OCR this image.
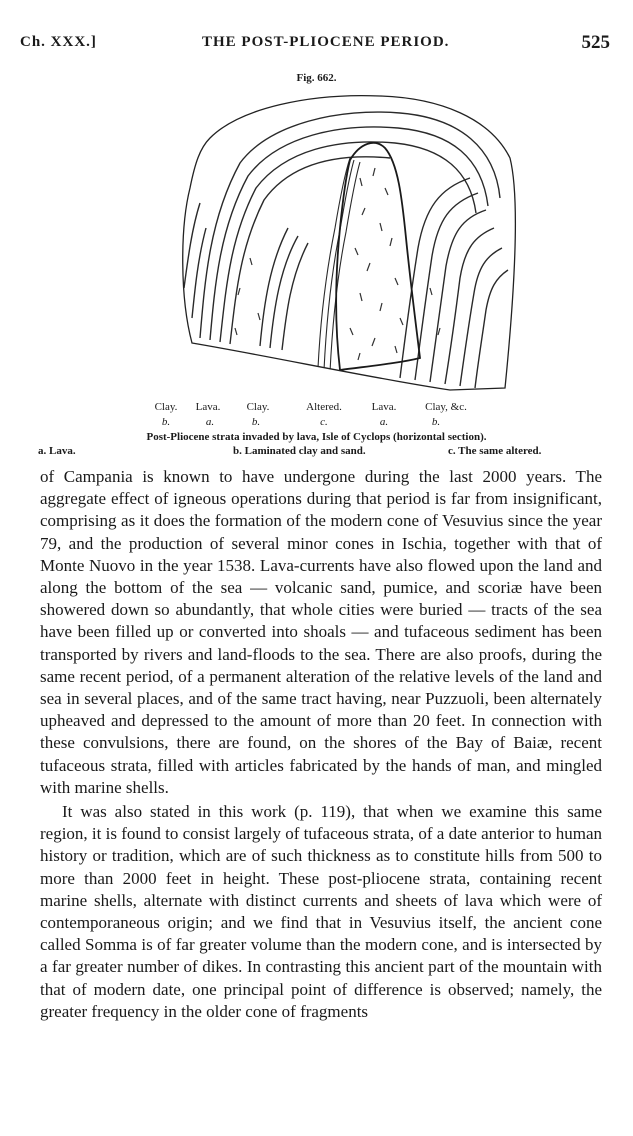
Ch. XXX.]	THE POST-PLIOCENE PERIOD.	525
Fig. 662.
Clay. Lava. Clay.	Altered.	Lava.	Clay, &c.
b.	a.	b.	c.	a.	b.
Post-Pliocene strata invaded by lava, Isle of Cyclops (horizontal section).
a. Lava.	b. Laminated clay and sand.	c. The same altered.

of Campania is known to have undergone during the last 2000 years. The aggregate effect of igneous operations during that period is far from insignificant, comprising as it does the formation of the modern cone of Vesuvius since the year 79, and the production of several minor cones in Ischia, together with that of Monte Nuovo in the year 1538. Lava-currents have also flowed upon the land and along the bottom of the sea — volcanic sand, pumice, and scoriæ have been showered down so abundantly, that whole cities were buried — tracts of the sea have been filled up or converted into shoals — and tufaceous sediment has been transported by rivers and land-floods to the sea. There are also proofs, during the same recent period, of a permanent alteration of the relative levels of the land and sea in several places, and of the same tract having, near Puzzuoli, been alternately upheaved and depressed to the amount of more than 20 feet. In connection with these convulsions, there are found, on the shores of the Bay of Baiæ, recent tufaceous strata, filled with articles fabricated by the hands of man, and mingled with marine shells.

It was also stated in this work (p. 119), that when we examine this same region, it is found to consist largely of tufaceous strata, of a date anterior to human history or tradition, which are of such thickness as to constitute hills from 500 to more than 2000 feet in height. These post-pliocene strata, containing recent marine shells, alternate with distinct currents and sheets of lava which were of contemporaneous origin; and we find that in Vesuvius itself, the ancient cone called Somma is of far greater volume than the modern cone, and is intersected by a far greater number of dikes. In contrasting this ancient part of the mountain with that of modern date, one principal point of difference is observed; namely, the greater frequency in the older cone of fragments
